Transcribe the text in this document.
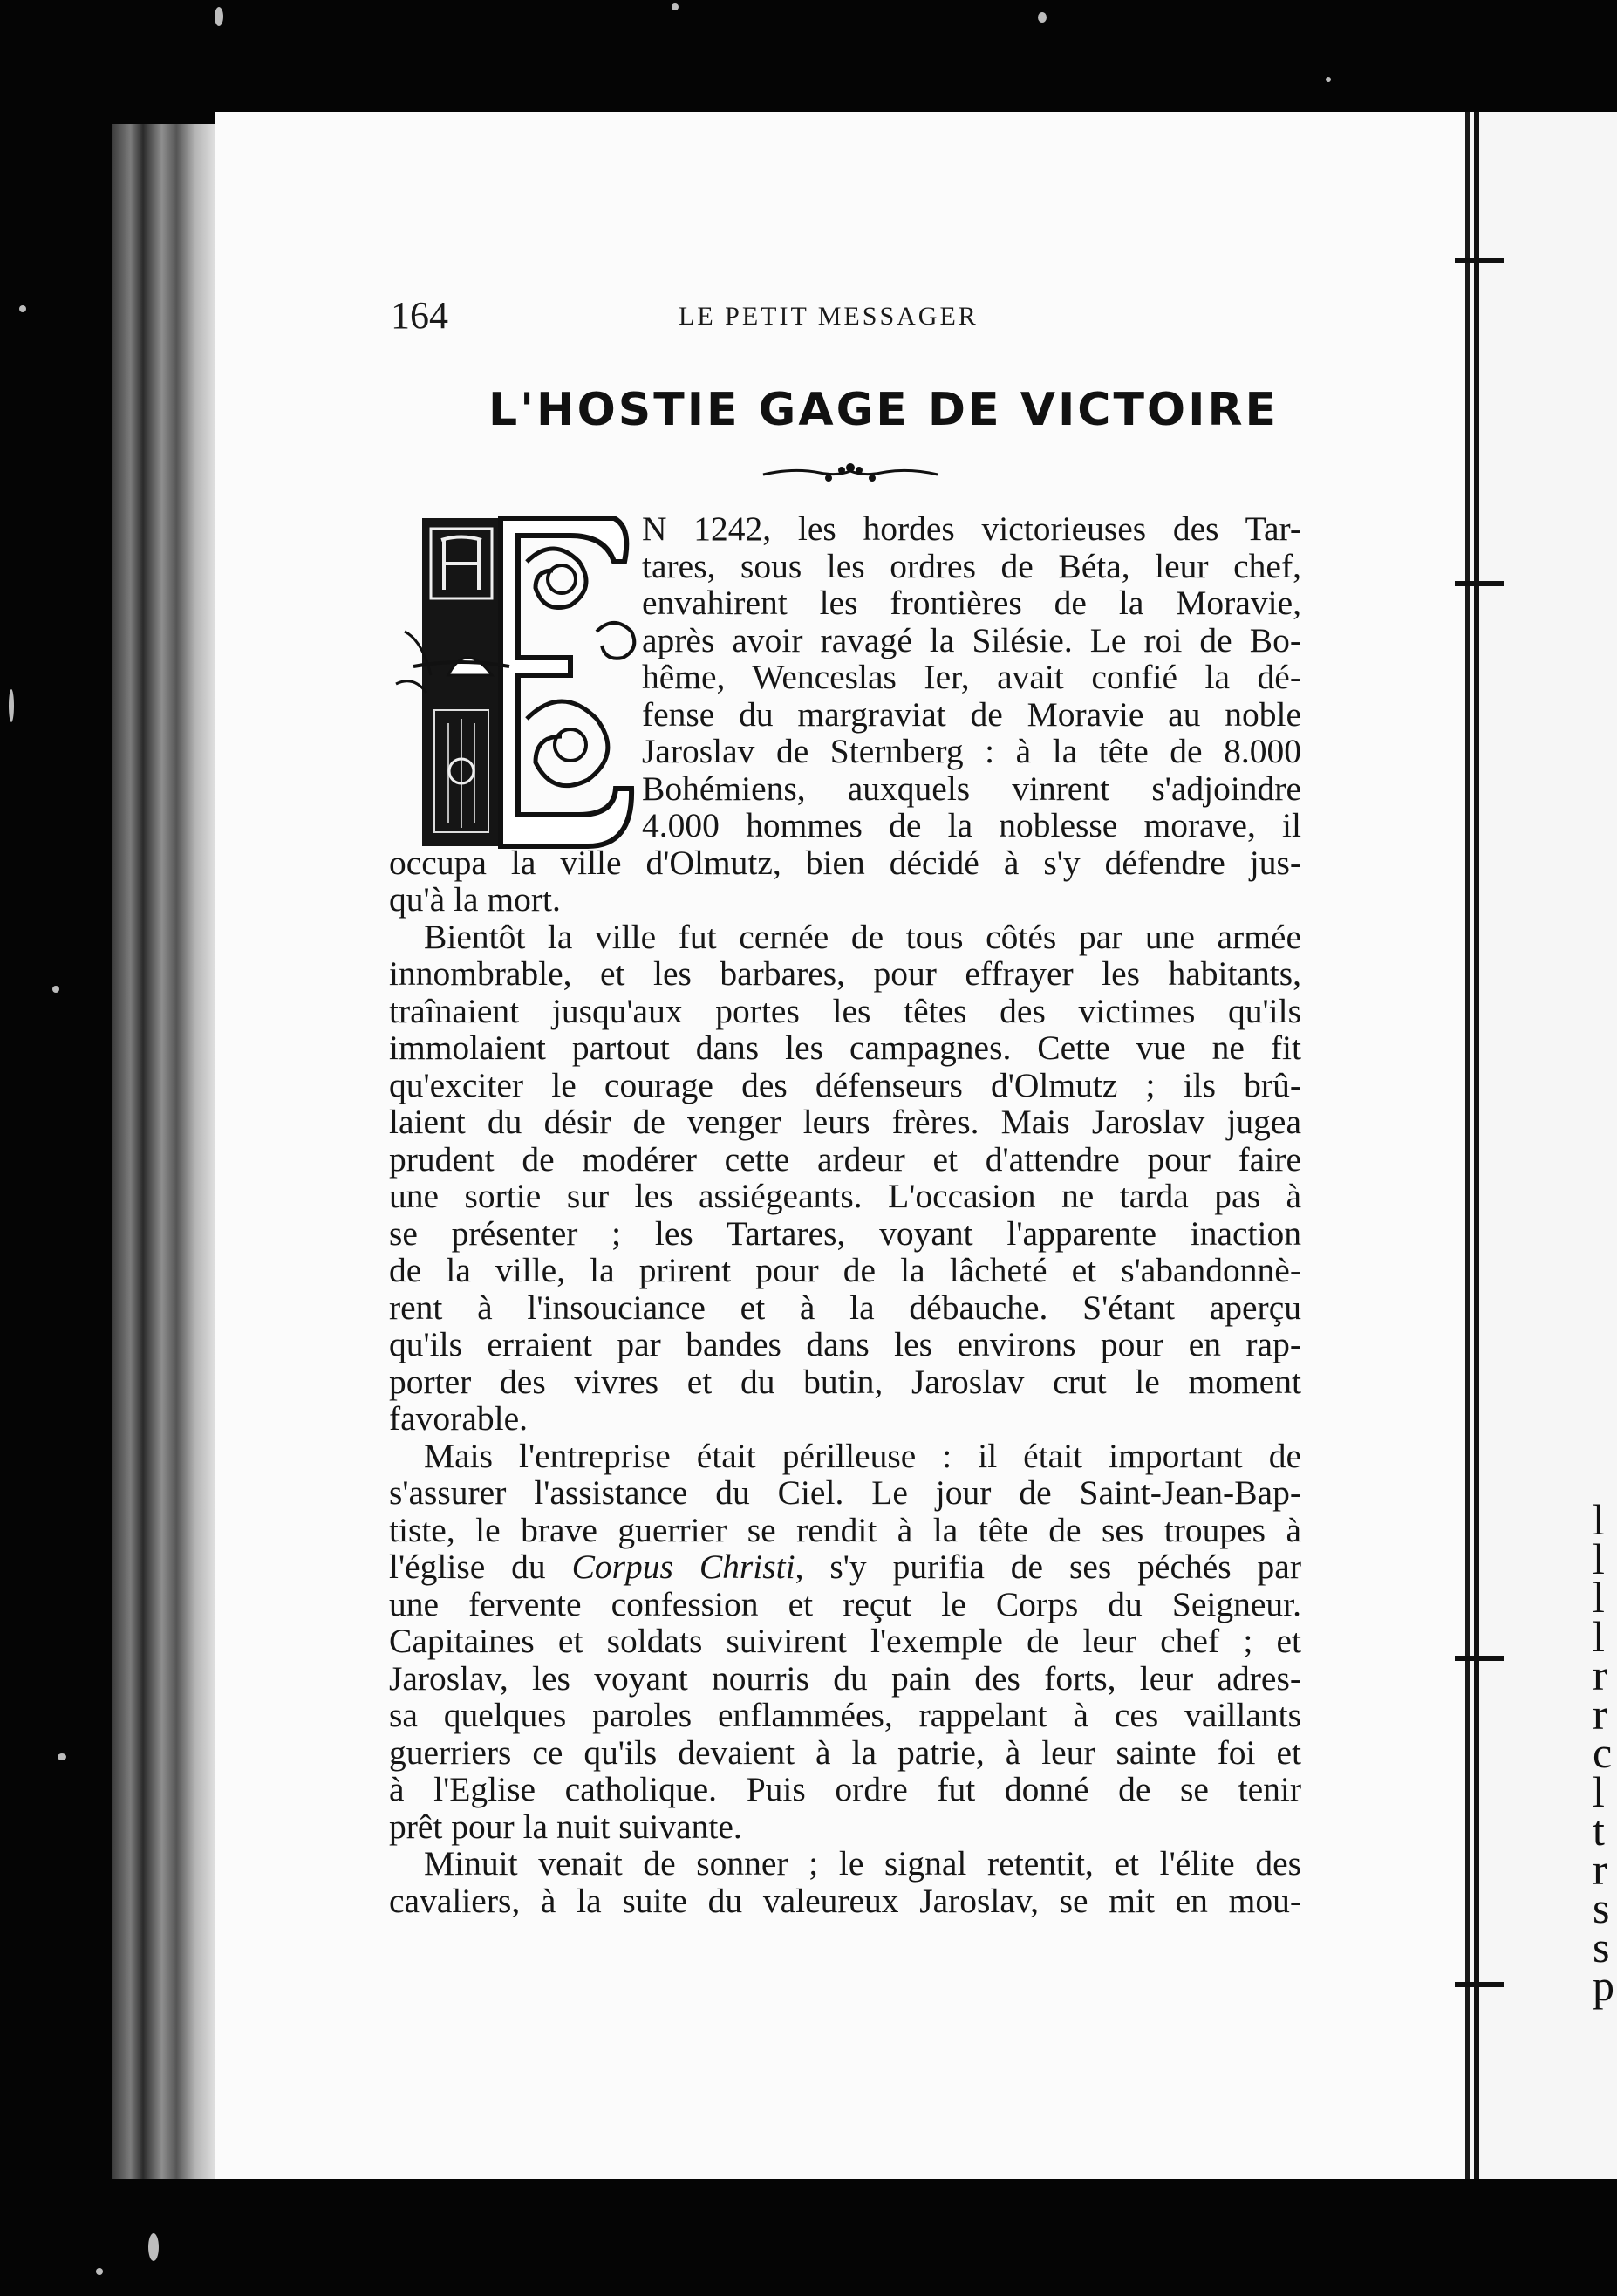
l
l
l
l
r
r
c
l
t
r
s
s
p
164	LE PETIT MESSAGER
L'HOSTIE GAGE DE VICTOIRE
N 1242, les hordes victorieuses des Tar-
tares, sous les ordres de Béta, leur chef,
envahirent les frontières de la Moravie,
après avoir ravagé la Silésie. Le roi de Bo-
hême, Wenceslas Ier, avait confié la dé-
fense du margraviat de Moravie au noble
Jaroslav de Sternberg : à la tête de 8.000
Bohémiens, auxquels vinrent s'adjoindre
4.000 hommes de la noblesse morave, il
occupa la ville d'Olmutz, bien décidé à s'y défendre jus-
qu'à la mort.
Bientôt la ville fut cernée de tous côtés par une armée
innombrable, et les barbares, pour effrayer les habitants,
traînaient jusqu'aux portes les têtes des victimes qu'ils
immolaient partout dans les campagnes. Cette vue ne fit
qu'exciter le courage des défenseurs d'Olmutz ; ils brû-
laient du désir de venger leurs frères. Mais Jaroslav jugea
prudent de modérer cette ardeur et d'attendre pour faire
une sortie sur les assiégeants. L'occasion ne tarda pas à
se présenter ; les Tartares, voyant l'apparente inaction
de la ville, la prirent pour de la lâcheté et s'abandonnè-
rent à l'insouciance et à la débauche. S'étant aperçu
qu'ils erraient par bandes dans les environs pour en rap-
porter des vivres et du butin, Jaroslav crut le moment
favorable.
Mais l'entreprise était périlleuse : il était important de
s'assurer l'assistance du Ciel. Le jour de Saint-Jean-Bap-
tiste, le brave guerrier se rendit à la tête de ses troupes à
l'église du Corpus Christi, s'y purifia de ses péchés par
une fervente confession et reçut le Corps du Seigneur.
Capitaines et soldats suivirent l'exemple de leur chef ; et
Jaroslav, les voyant nourris du pain des forts, leur adres-
sa quelques paroles enflammées, rappelant à ces vaillants
guerriers ce qu'ils devaient à la patrie, à leur sainte foi et
à l'Eglise catholique. Puis ordre fut donné de se tenir
prêt pour la nuit suivante.
Minuit venait de sonner ; le signal retentit, et l'élite des
cavaliers, à la suite du valeureux Jaroslav, se mit en mou-
